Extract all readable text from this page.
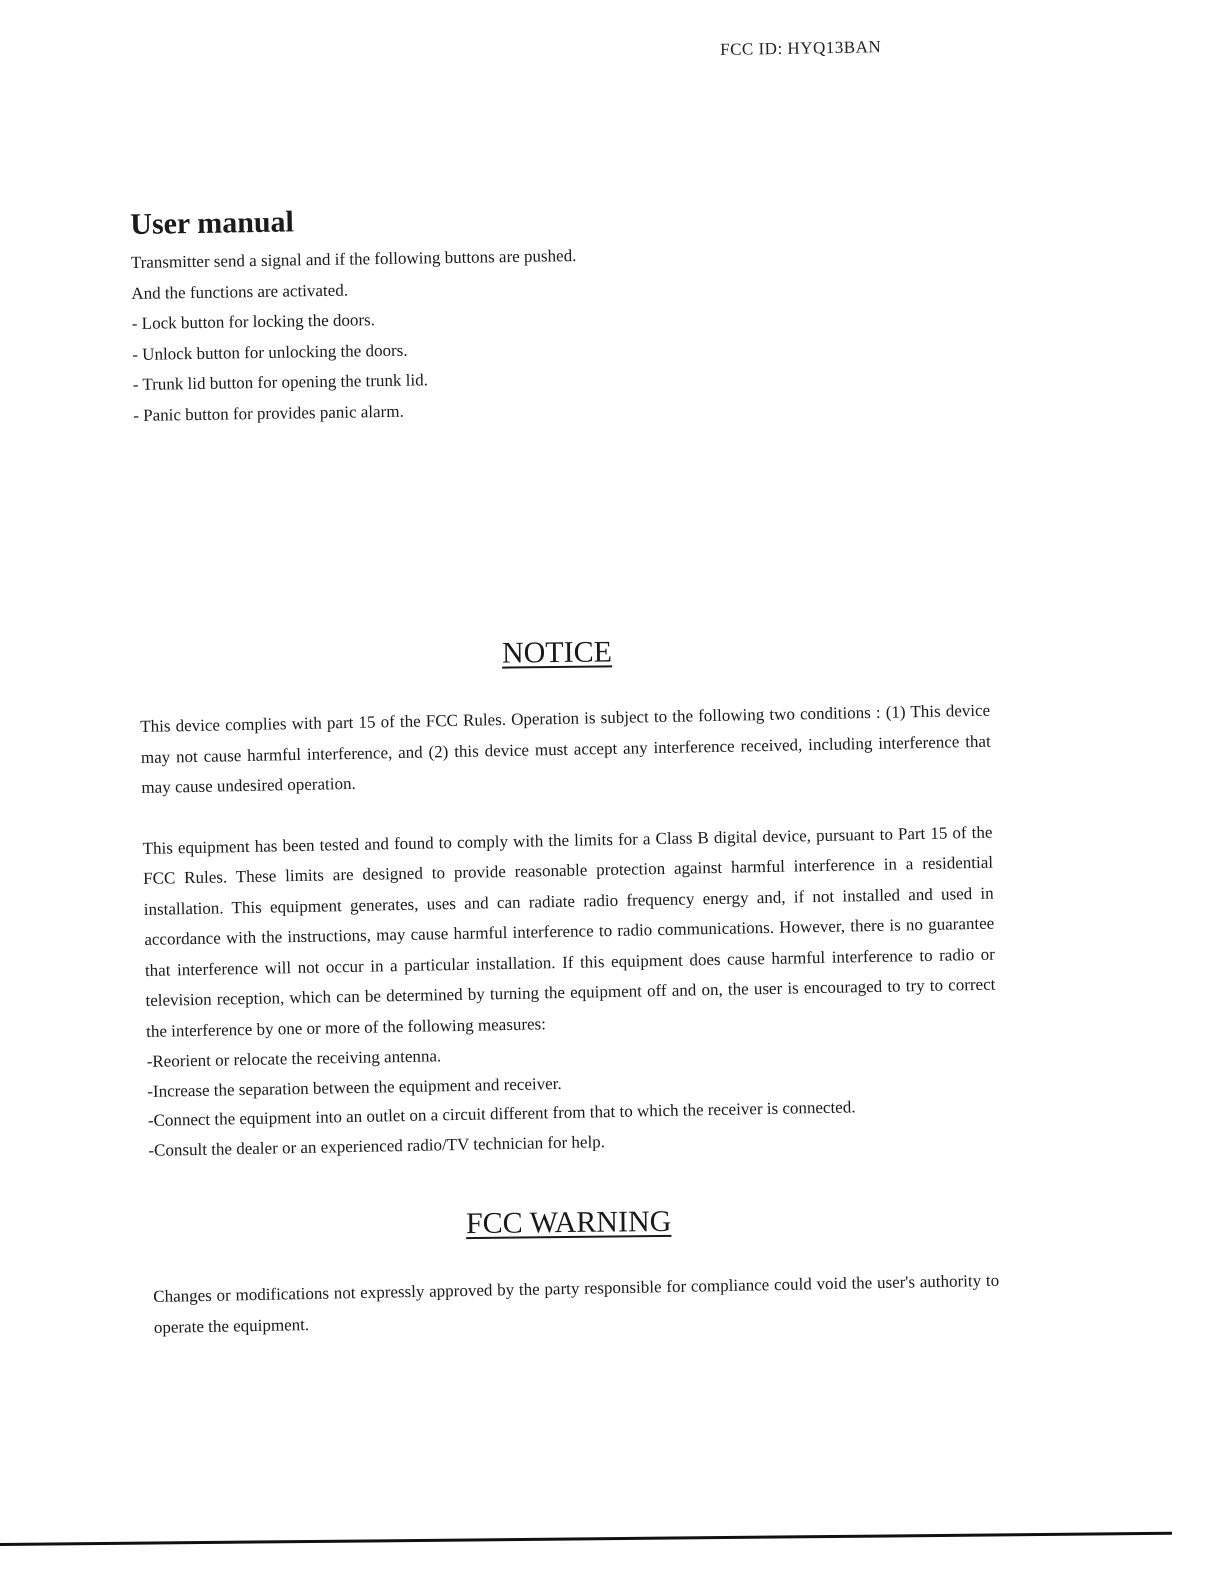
FCC ID: HYQ13BAN
User manual
Transmitter send a signal and if the following buttons are pushed.
And the functions are activated.
- Lock button for locking the doors.
- Unlock button for unlocking the doors.
- Trunk lid button for opening the trunk lid.
- Panic button for provides panic alarm.
NOTICE

This device complies with part 15 of the FCC Rules. Operation is subject to the following two conditions : (1) This device may not cause harmful interference, and (2) this device must accept any interference received, including interference that may cause undesired operation.

This equipment has been tested and found to comply with the limits for a Class B digital device, pursuant to Part 15 of the FCC Rules. These limits are designed to provide reasonable protection against harmful interference in a residential installation. This equipment generates, uses and can radiate radio frequency energy and, if not installed and used in accordance with the instructions, may cause harmful interference to radio communications. However, there is no guarantee that interference will not occur in a particular installation. If this equipment does cause harmful interference to radio or television reception, which can be determined by turning the equipment off and on, the user is encouraged to try to correct the interference by one or more of the following measures:

-Reorient or relocate the receiving antenna.
-Increase the separation between the equipment and receiver.
-Connect the equipment into an outlet on a circuit different from that to which the receiver is connected.
-Consult the dealer or an experienced radio/TV technician for help.
FCC WARNING

Changes or modifications not expressly approved by the party responsible for compliance could void the user's authority to operate the equipment.
